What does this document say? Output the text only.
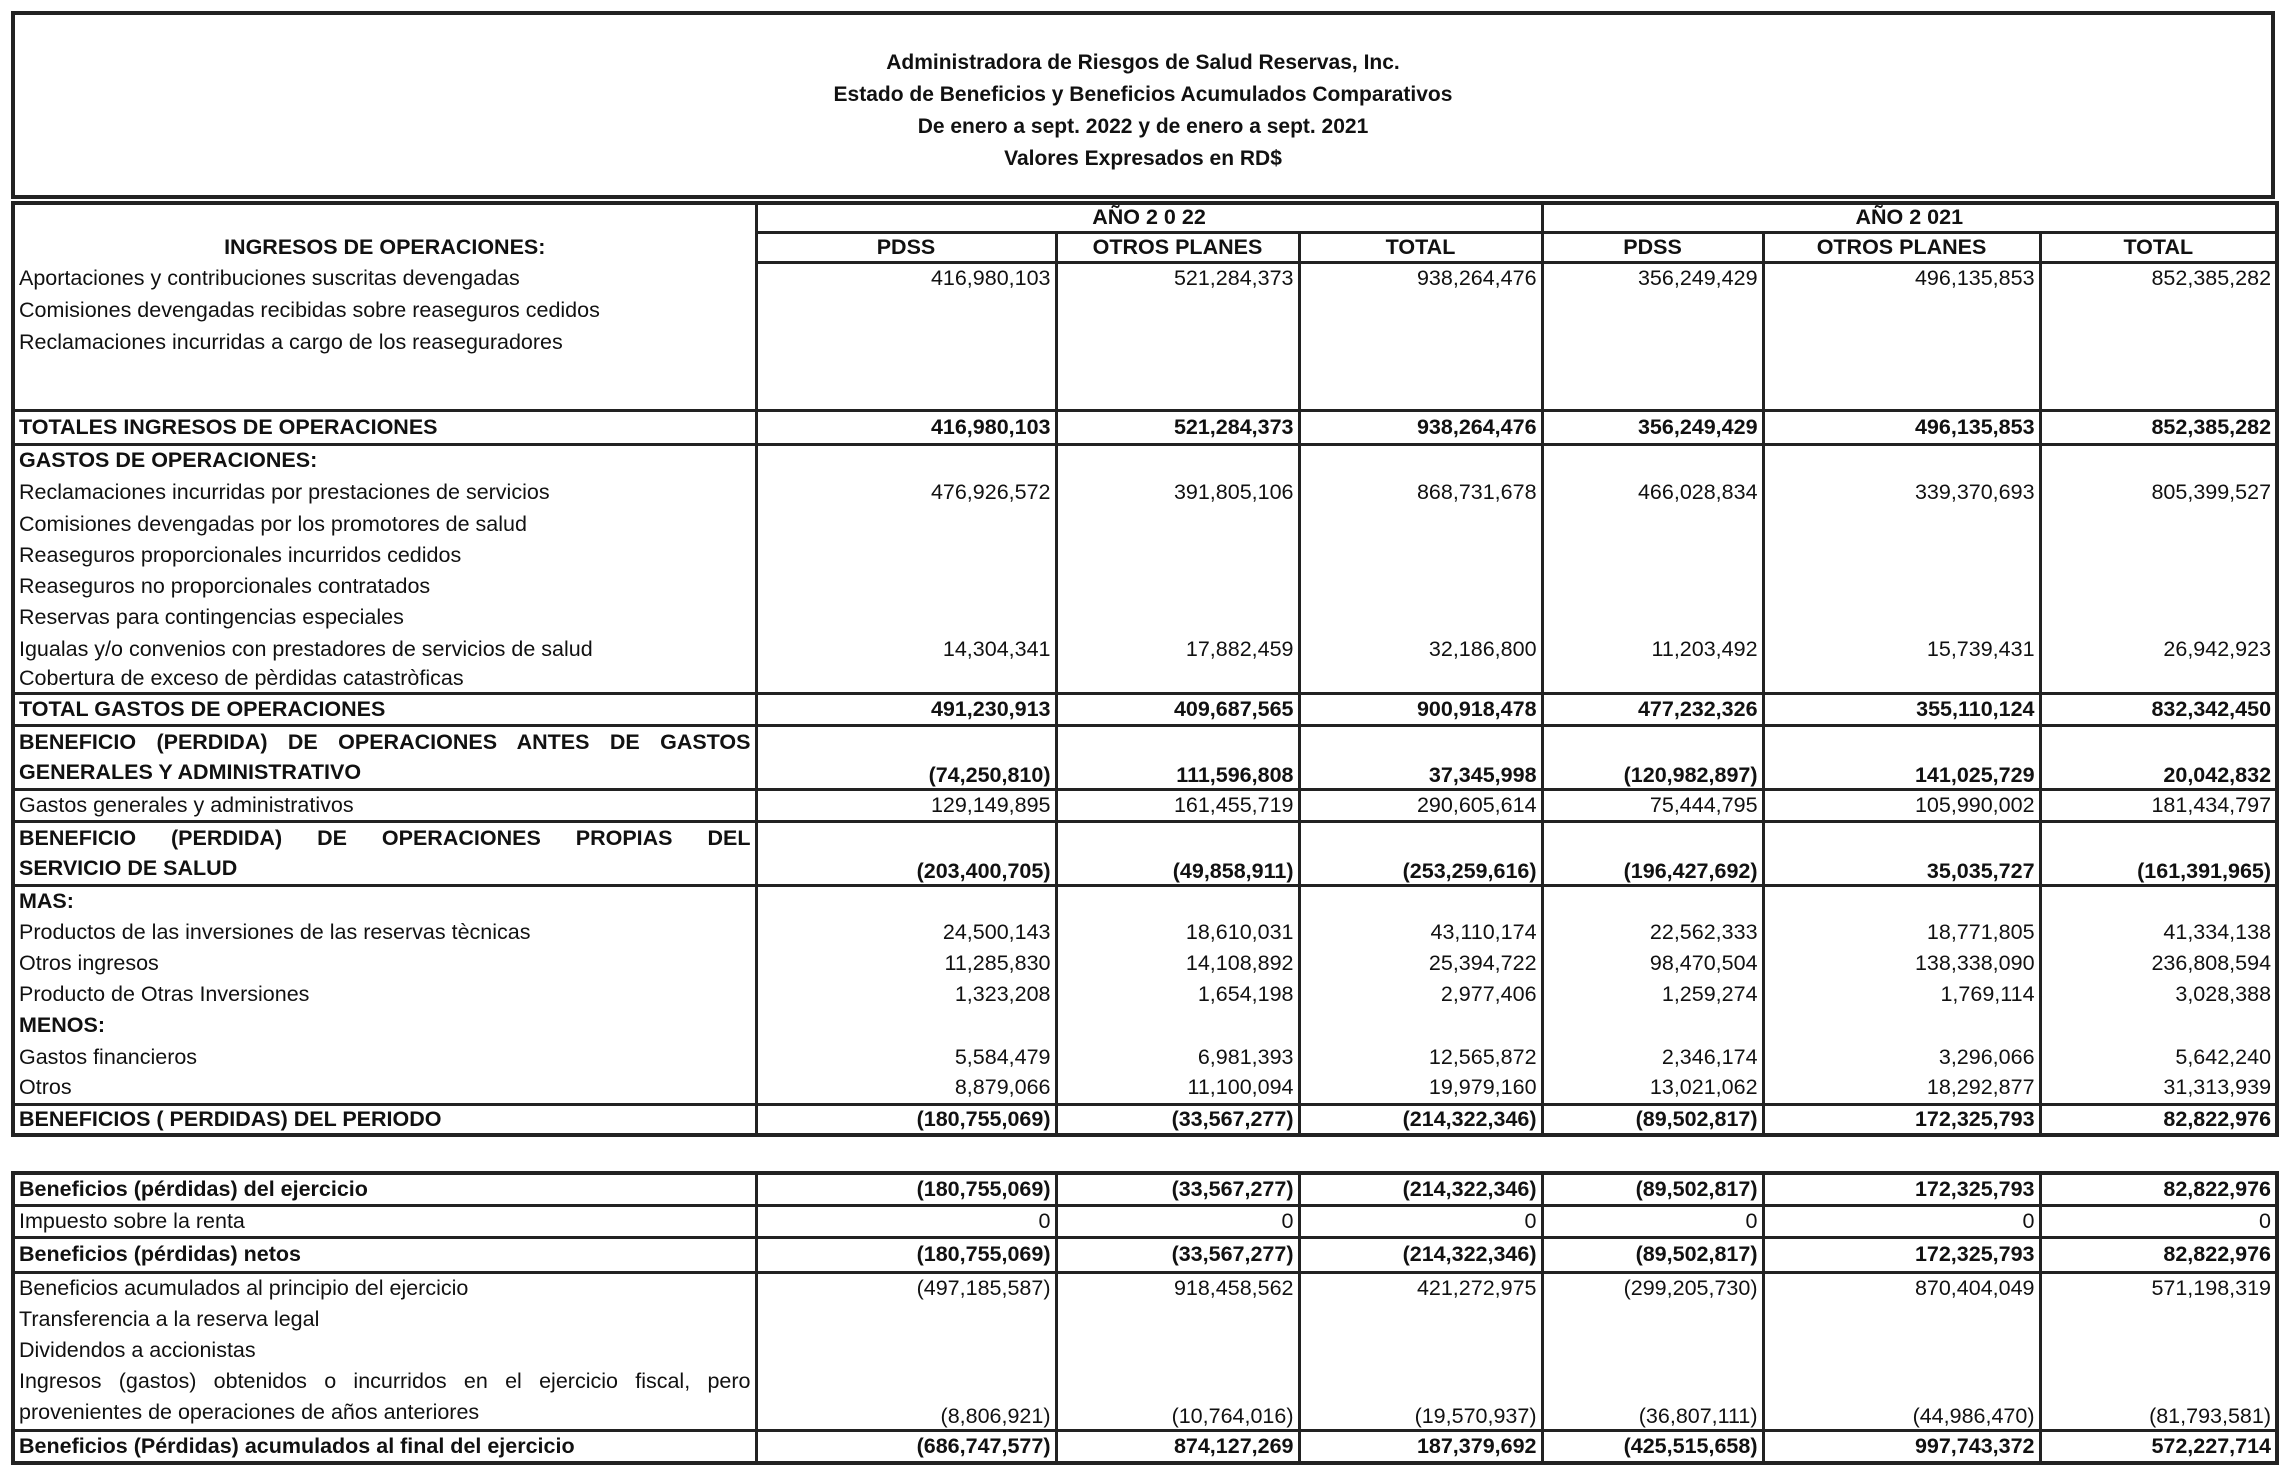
Administradora de Riesgos de Salud Reservas, Inc.
Estado de Beneficios y Beneficios Acumulados Comparativos
De enero a sept. 2022 y de enero a sept. 2021
Valores Expresados en RD$
INGRESOS DE OPERACIONES:	AÑO 2 0 22			AÑO 2 021		
	PDSS	OTROS PLANES	TOTAL	PDSS	OTROS PLANES	TOTAL
Aportaciones y contribuciones suscritas devengadas	416,980,103	521,284,373	938,264,476	356,249,429	496,135,853	852,385,282
Comisiones devengadas recibidas sobre reaseguros cedidos						
Reclamaciones incurridas a cargo de los reaseguradores						

TOTALES INGRESOS DE OPERACIONES	416,980,103	521,284,373	938,264,476	356,249,429	496,135,853	852,385,282
GASTOS DE OPERACIONES:						
Reclamaciones incurridas por prestaciones de servicios	476,926,572	391,805,106	868,731,678	466,028,834	339,370,693	805,399,527
Comisiones devengadas por los promotores de salud						
Reaseguros proporcionales incurridos cedidos						
Reaseguros no proporcionales contratados						
Reservas para contingencias especiales						
Igualas y/o convenios con prestadores de servicios de salud	14,304,341	17,882,459	32,186,800	11,203,492	15,739,431	26,942,923
Cobertura de exceso de pèrdidas catastròficas						
TOTAL GASTOS DE OPERACIONES	491,230,913	409,687,565	900,918,478	477,232,326	355,110,124	832,342,450

BENEFICIO (PERDIDA) DE OPERACIONES ANTES DE GASTOS
GENERALES Y ADMINISTRATIVO	(74,250,810)	111,596,808	37,345,998	(120,982,897)	141,025,729	20,042,832
Gastos generales y administrativos	129,149,895	161,455,719	290,605,614	75,444,795	105,990,002	181,434,797

BENEFICIO (PERDIDA) DE OPERACIONES PROPIAS DEL
SERVICIO DE SALUD	(203,400,705)	(49,858,911)	(253,259,616)	(196,427,692)	35,035,727	(161,391,965)
MAS:						
Productos de las inversiones de las reservas tècnicas	24,500,143	18,610,031	43,110,174	22,562,333	18,771,805	41,334,138
Otros ingresos	11,285,830	14,108,892	25,394,722	98,470,504	138,338,090	236,808,594
Producto de Otras Inversiones	1,323,208	1,654,198	2,977,406	1,259,274	1,769,114	3,028,388
MENOS:						
Gastos financieros	5,584,479	6,981,393	12,565,872	2,346,174	3,296,066	5,642,240
Otros	8,879,066	11,100,094	19,979,160	13,021,062	18,292,877	31,313,939
BENEFICIOS ( PERDIDAS) DEL PERIODO	(180,755,069)	(33,567,277)	(214,322,346)	(89,502,817)	172,325,793	82,822,976
Beneficios (pérdidas) del ejercicio	(180,755,069)	(33,567,277)	(214,322,346)	(89,502,817)	172,325,793	82,822,976
Impuesto sobre la renta	0	0	0	0	0	0
Beneficios (pérdidas) netos	(180,755,069)	(33,567,277)	(214,322,346)	(89,502,817)	172,325,793	82,822,976
Beneficios acumulados al principio del ejercicio	(497,185,587)	918,458,562	421,272,975	(299,205,730)	870,404,049	571,198,319
Transferencia a la reserva legal						
Dividendos a accionistas						

Ingresos (gastos) obtenidos o incurridos en el ejercicio fiscal, pero
provenientes de operaciones de años anteriores	(8,806,921)	(10,764,016)	(19,570,937)	(36,807,111)	(44,986,470)	(81,793,581)
Beneficios (Pérdidas) acumulados al final del ejercicio	(686,747,577)	874,127,269	187,379,692	(425,515,658)	997,743,372	572,227,714
